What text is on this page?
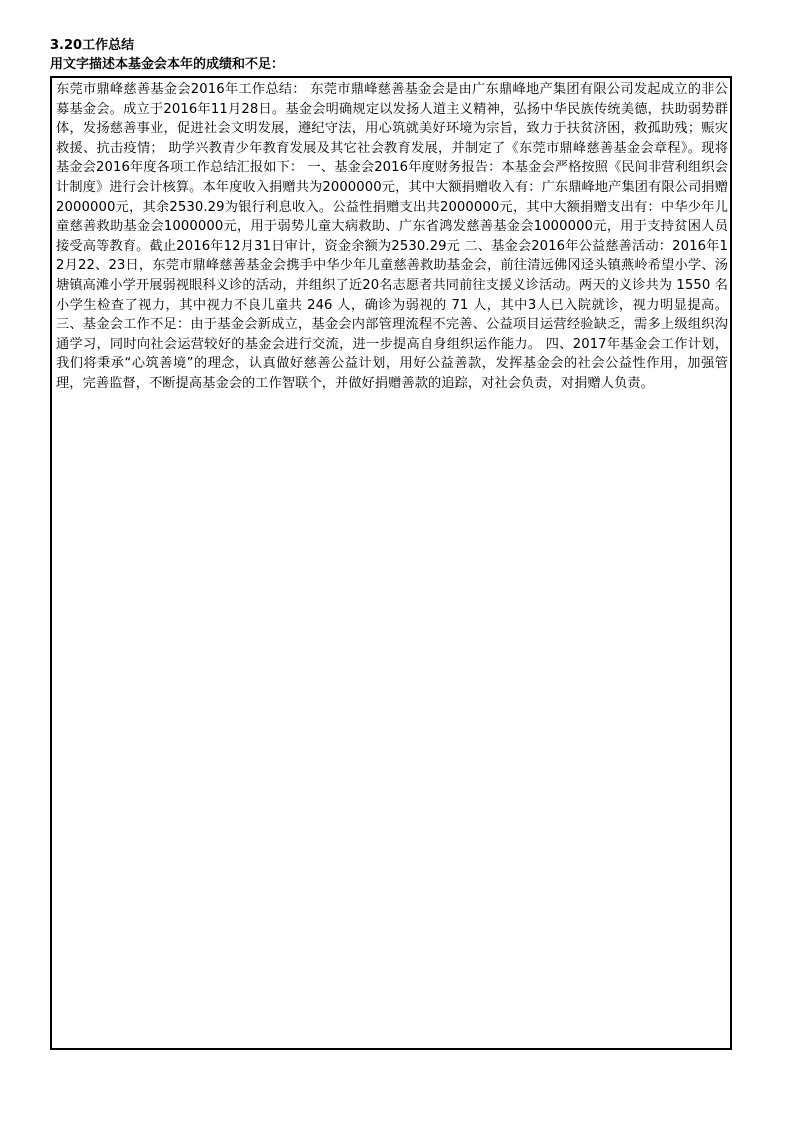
3.20工作总结
用文字描述本基金会本年的成绩和不足：

东莞市鼎峰慈善基金会2016年工作总结： 东莞市鼎峰慈善基金会是由广东鼎峰地产集团有限公司发起成立的非公募基金会。成立于2016年11月28日。基金会明确规定以发扬人道主义精神，弘扬中华民族传统美德，扶助弱势群体，发扬慈善事业，促进社会文明发展，遵纪守法，用心筑就美好环境为宗旨，致力于扶贫济困，救孤助残；赈灾救援、抗击疫情； 助学兴教青少年教育发展及其它社会教育发展，并制定了《东莞市鼎峰慈善基金会章程》。现将基金会2016年度各项工作总结汇报如下： 一、基金会2016年度财务报告：本基金会严格按照《民间非营利组织会计制度》进行会计核算。本年度收入捐赠共为2000000元，其中大额捐赠收入有：广东鼎峰地产集团有限公司捐赠2000000元，其余2530.29为银行利息收入。公益性捐赠支出共2000000元，其中大额捐赠支出有：中华少年儿童慈善救助基金会1000000元，用于弱势儿童大病救助、广东省鸿发慈善基金会1000000元，用于支持贫困人员接受高等教育。截止2016年12月31日审计，资金余额为2530.29元 二、基金会2016年公益慈善活动：2016年12月22、23日，东莞市鼎峰慈善基金会携手中华少年儿童慈善救助基金会，前往清远佛冈迳头镇燕岭希望小学、汤塘镇高滩小学开展弱视眼科义诊的活动，并组织了近20名志愿者共同前往支援义诊活动。两天的义诊共为 1550 名小学生检查了视力，其中视力不良儿童共 246 人，确诊为弱视的 71 人，其中3人已入院就诊，视力明显提高。 三、基金会工作不足：由于基金会新成立，基金会内部管理流程不完善、公益项目运营经验缺乏，需多上级组织沟通学习，同时向社会运营较好的基金会进行交流，进一步提高自身组织运作能力。 四、2017年基金会工作计划，我们将秉承“心筑善境”的理念，认真做好慈善公益计划，用好公益善款，发挥基金会的社会公益性作用，加强管理，完善监督，不断提高基金会的工作智联个，并做好捐赠善款的追踪，对社会负责，对捐赠人负责。
